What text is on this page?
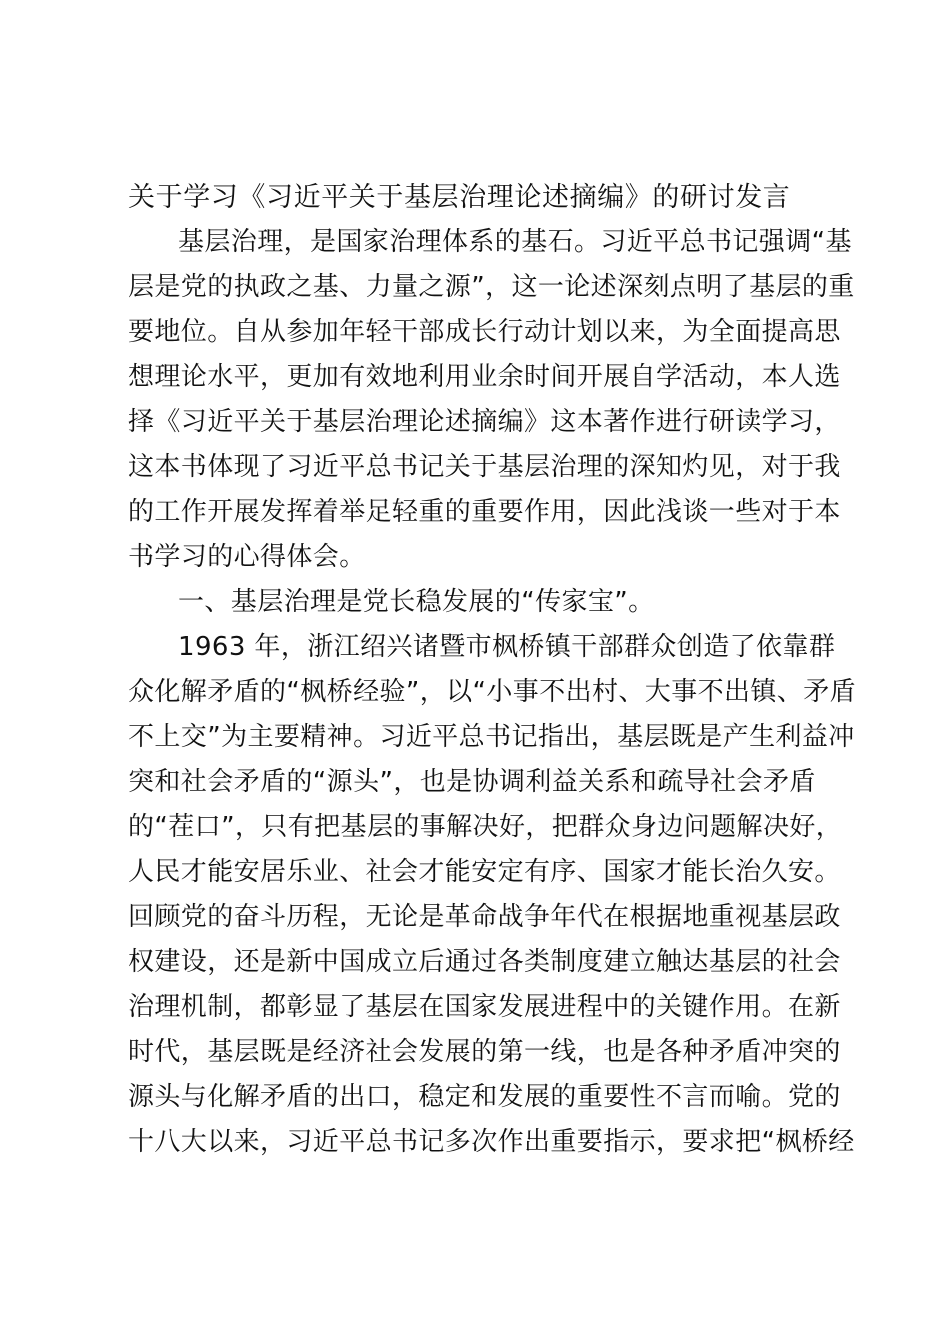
关于学习《习近平关于基层治理论述摘编》的研讨发言
基层治理，是国家治理体系的基石。习近平总书记强调“基
层是党的执政之基、力量之源”，这一论述深刻点明了基层的重
要地位。自从参加年轻干部成长行动计划以来，为全面提高思
想理论水平，更加有效地利用业余时间开展自学活动，本人选
择《习近平关于基层治理论述摘编》这本著作进行研读学习，
这本书体现了习近平总书记关于基层治理的深知灼见，对于我
的工作开展发挥着举足轻重的重要作用，因此浅谈一些对于本
书学习的心得体会。
一、基层治理是党长稳发展的“传家宝”。
1963 年，浙江绍兴诸暨市枫桥镇干部群众创造了依靠群
众化解矛盾的“枫桥经验”，以“小事不出村、大事不出镇、矛盾
不上交”为主要精神。习近平总书记指出，基层既是产生利益冲
突和社会矛盾的“源头”，也是协调利益关系和疏导社会矛盾
的“茬口”，只有把基层的事解决好，把群众身边问题解决好，
人民才能安居乐业、社会才能安定有序、国家才能长治久安。
回顾党的奋斗历程，无论是革命战争年代在根据地重视基层政
权建设，还是新中国成立后通过各类制度建立触达基层的社会
治理机制，都彰显了基层在国家发展进程中的关键作用。在新
时代，基层既是经济社会发展的第一线，也是各种矛盾冲突的
源头与化解矛盾的出口，稳定和发展的重要性不言而喻。党的
十八大以来，习近平总书记多次作出重要指示，要求把“枫桥经
